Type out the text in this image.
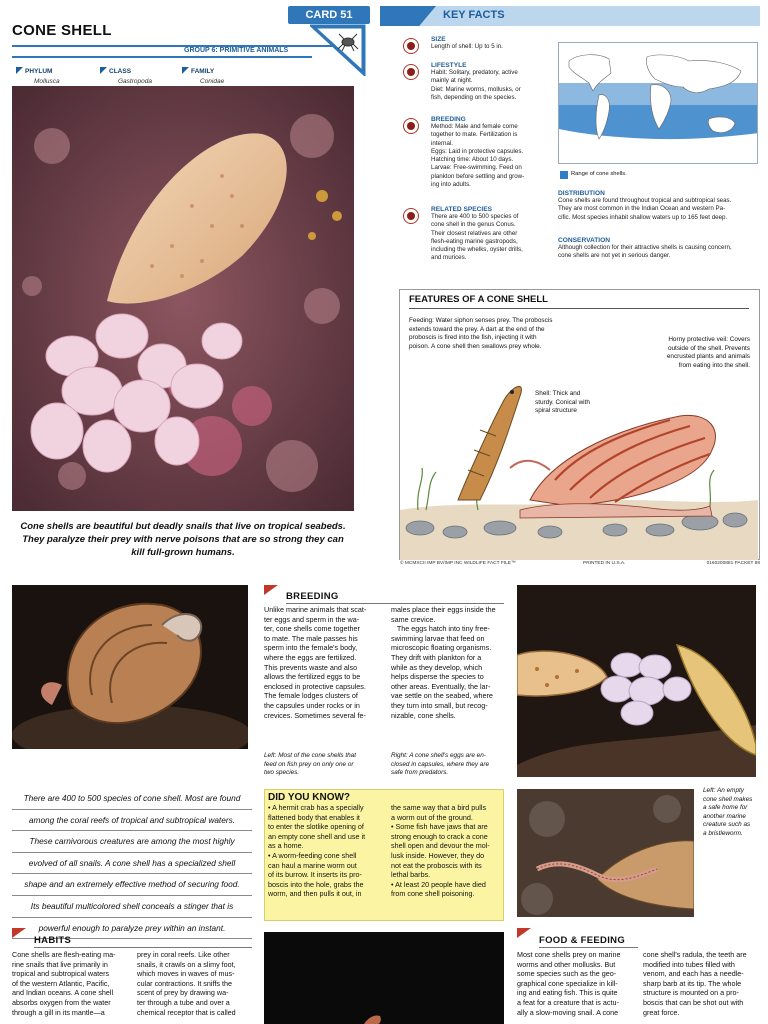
CARD 51
CONE SHELL
GROUP 6: PRIMITIVE ANIMALS
PHYLUM
Mollusca
CLASS
Gastropoda
FAMILY
Conidae
KEY FACTS
Cone shells are beautiful but deadly snails that live on tropical seabeds. They paralyze their prey with nerve poisons that are so strong they can kill full-grown humans.
SIZE
Length of shell: Up to 5 in.
LIFESTYLE
Habit: Solitary, predatory, active
mainly at night.
Diet: Marine worms, mollusks, or
fish, depending on the species.
BREEDING
Method: Male and female come
together to mate. Fertilization is
internal.
Eggs: Laid in protective capsules.
Hatching time: About 10 days.
Larvae: Free-swimming. Feed on
plankton before settling and grow-
ing into adults.
RELATED SPECIES
There are 400 to 500 species of
cone shell in the genus Conus.
Their closest relatives are other
flesh-eating marine gastropods,
including the whelks, oyster drills,
and murices.
Range of cone shells.
DISTRIBUTION
Cone shells are found throughout tropical and subtropical seas.
They are most common in the Indian Ocean and western Pa-
cific. Most species inhabit shallow waters up to 165 feet deep.
CONSERVATION
Although collection for their attractive shells is causing concern,
cone shells are not yet in serious danger.
FEATURES OF A CONE SHELL
Feeding: Water siphon senses prey. The proboscis
extends toward the prey. A dart at the end of the
proboscis is fired into the fish, injecting it with
poison. A cone shell then swallows prey whole.
Horny protective veil: Covers
outside of the shell. Prevents
encrusted plants and animals
from eating into the shell.
Shell: Thick and
sturdy. Conical with
spiral structure
© MCMXCII IMP BV/IMP INC WILDLIFE FACT FILE™	PRINTED IN U.S.A.	0160200881 PACKET 88
BREEDING
Unlike marine animals that scat-
ter eggs and sperm in the wa-
ter, cone shells come together
to mate. The male passes his
sperm into the female's body,
where the eggs are fertilized.
This prevents waste and also
allows the fertilized eggs to be
enclosed in protective capsules.
The female lodges clusters of
the capsules under rocks or in
crevices. Sometimes several fe-
males place their eggs inside the
same crevice.
The eggs hatch into tiny free-
swimming larvae that feed on
microscopic floating organisms.
They drift with plankton for a
while as they develop, which
helps disperse the species to
other areas. Eventually, the lar-
vae settle on the seabed, where
they turn into small, but recog-
nizable, cone shells.
Left: Most of the cone shells that
feed on fish prey on only one or
two species.
Right: A cone shell's eggs are en-
closed in capsules, where they are
safe from predators.
There are 400 to 500 species of cone shell. Most are found
among the coral reefs of tropical and subtropical waters.
These carnivorous creatures are among the most highly
evolved of all snails. A cone shell has a specialized shell
shape and an extremely effective method of securing food.
Its beautiful multicolored shell conceals a stinger that is
powerful enough to paralyze prey within an instant.
DID YOU KNOW?
• A hermit crab has a specially
flattened body that enables it
to enter the slotlike opening of
an empty cone shell and use it
as a home.
• A worm-feeding cone shell
can haul a marine worm out
of its burrow. It inserts its pro-
boscis into the hole, grabs the
worm, and then pulls it out, in
the same way that a bird pulls
a worm out of the ground.
• Some fish have jaws that are
strong enough to crack a cone
shell open and devour the mol-
lusk inside. However, they do
not eat the proboscis with its
lethal barbs.
• At least 20 people have died
from cone shell poisoning.
Left: An empty
cone shell makes
a safe home for
another marine
creature such as
a bristleworm.
HABITS
Cone shells are flesh-eating ma-
rine snails that live primarily in
tropical and subtropical waters
of the western Atlantic, Pacific,
and Indian oceans. A cone shell
absorbs oxygen from the water
through a gill in its mantle—a
prey in coral reefs. Like other
snails, it crawls on a slimy foot,
which moves in waves of mus-
cular contractions. It sniffs the
scent of prey by drawing wa-
ter through a tube and over a
chemical receptor that is called
FOOD & FEEDING
Most cone shells prey on marine
worms and other mollusks. But
some species such as the geo-
graphical cone specialize in kill-
ing and eating fish. This is quite
a feat for a creature that is actu-
ally a slow-moving snail. A cone
cone shell's radula, the teeth are
modified into tubes filled with
venom, and each has a needle-
sharp barb at its tip. The whole
structure is mounted on a pro-
boscis that can be shot out with
great force.
